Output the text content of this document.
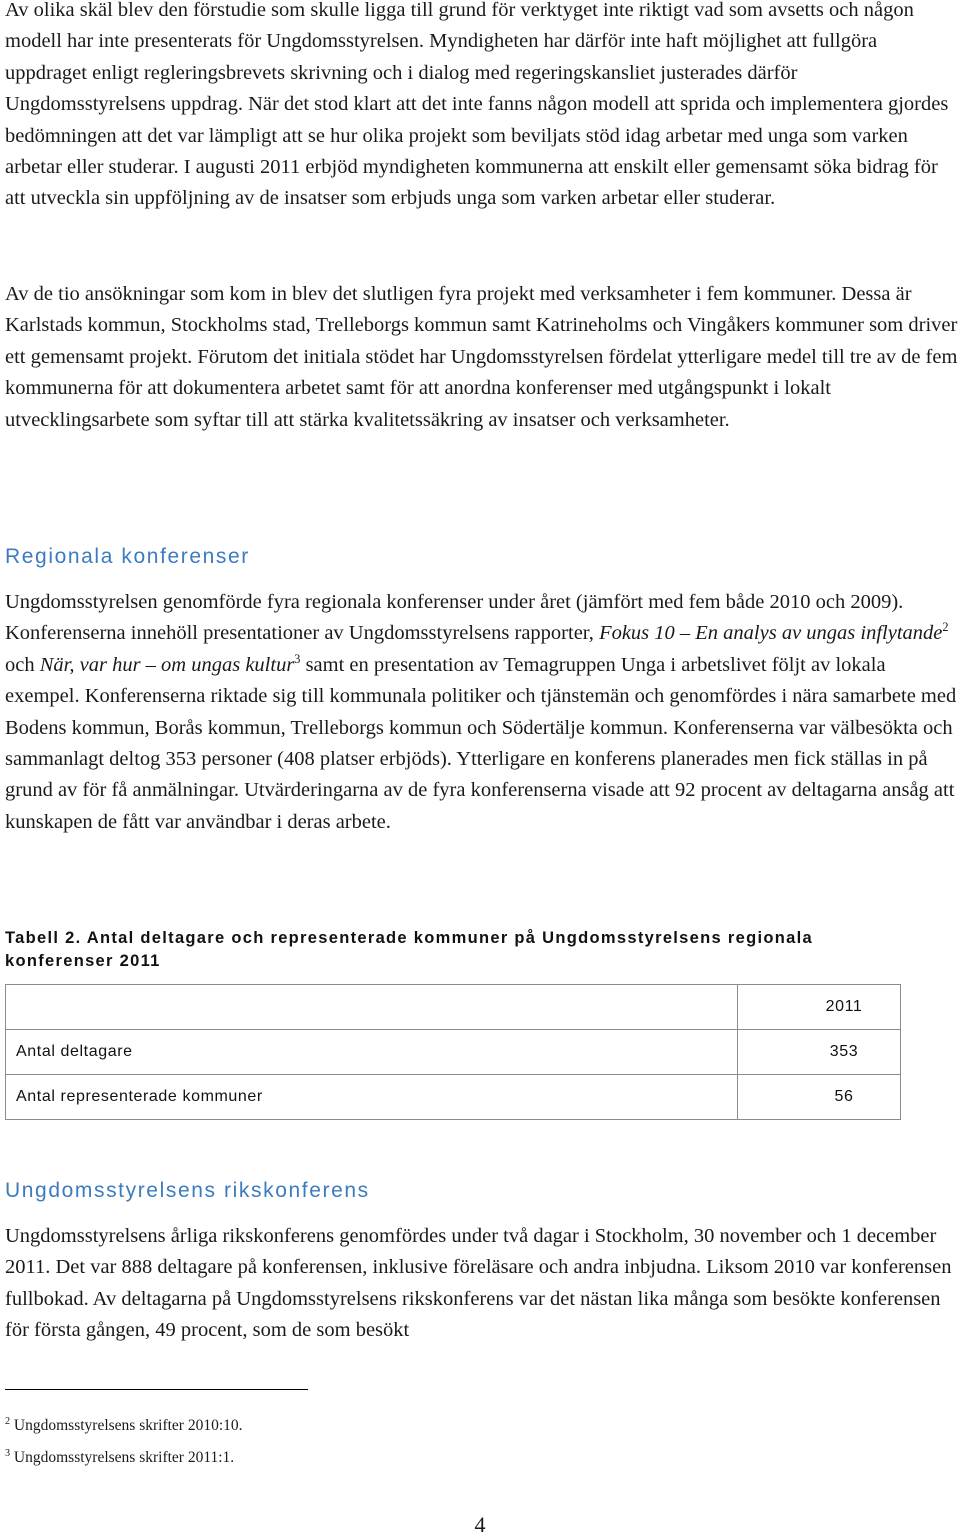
Av olika skäl blev den förstudie som skulle ligga till grund för verktyget inte riktigt vad som avsetts och någon modell har inte presenterats för Ungdomsstyrelsen. Myndigheten har därför inte haft möjlighet att fullgöra uppdraget enligt regleringsbrevets skrivning och i dialog med regeringskansliet justerades därför Ungdomsstyrelsens uppdrag. När det stod klart att det inte fanns någon modell att sprida och implementera gjordes bedömningen att det var lämpligt att se hur olika projekt som beviljats stöd idag arbetar med unga som varken arbetar eller studerar. I augusti 2011 erbjöd myndigheten kommunerna att enskilt eller gemensamt söka bidrag för att utveckla sin uppföljning av de insatser som erbjuds unga som varken arbetar eller studerar.

Av de tio ansökningar som kom in blev det slutligen fyra projekt med verksamheter i fem kommuner. Dessa är Karlstads kommun, Stockholms stad, Trelleborgs kommun samt Katrineholms och Vingåkers kommuner som driver ett gemensamt projekt. Förutom det initiala stödet har Ungdomsstyrelsen fördelat ytterligare medel till tre av de fem kommunerna för att dokumentera arbetet samt för att anordna konferenser med utgångspunkt i lokalt utvecklingsarbete som syftar till att stärka kvalitetssäkring av insatser och verksamheter.

Regionala konferenser

Ungdomsstyrelsen genomförde fyra regionala konferenser under året (jämfört med fem både 2010 och 2009). Konferenserna innehöll presentationer av Ungdomsstyrelsens rapporter, Fokus 10 – En analys av ungas inflytande$^2$ och När, var hur – om ungas kultur$^3$ samt en presentation av Temagruppen Unga i arbetslivet följt av lokala exempel. Konferenserna riktade sig till kommunala politiker och tjänstemän och genomfördes i nära samarbete med Bodens kommun, Borås kommun, Trelleborgs kommun och Södertälje kommun. Konferenserna var välbesökta och sammanlagt deltog 353 personer (408 platser erbjöds). Ytterligare en konferens planerades men fick ställas in på grund av för få anmälningar. Utvärderingarna av de fyra konferenserna visade att 92 procent av deltagarna ansåg att kunskapen de fått var användbar i deras arbete.

Tabell 2. Antal deltagare och representerade kommuner på Ungdomsstyrelsens regionala konferenser 2011
	2011
Antal deltagare	353
Antal representerade kommuner	56
Ungdomsstyrelsens rikskonferens

Ungdomsstyrelsens årliga rikskonferens genomfördes under två dagar i Stockholm, 30 november och 1 december 2011. Det var 888 deltagare på konferensen, inklusive föreläsare och andra inbjudna. Liksom 2010 var konferensen fullbokad. Av deltagarna på Ungdomsstyrelsens rikskonferens var det nästan lika många som besökte konferensen för första gången, 49 procent, som de som besökt

$^2$ Ungdomsstyrelsens skrifter 2010:10.
$^3$ Ungdomsstyrelsens skrifter 2011:1.
4
